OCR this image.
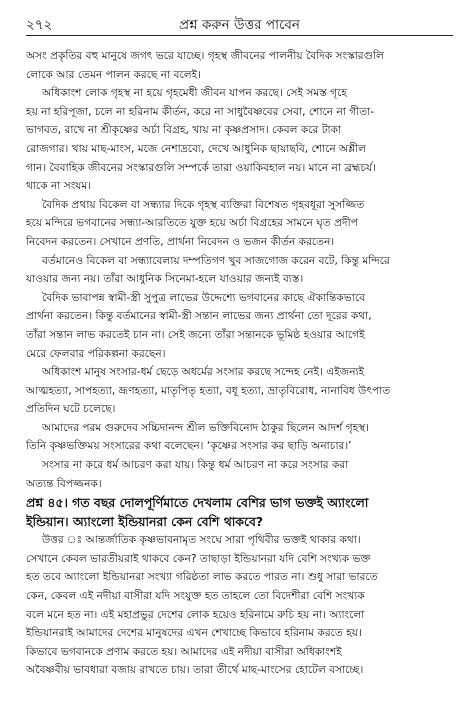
২৭২	প্রশ্ন করুন উত্তর পাবেন
অসং প্রকৃতির বহু মানুষে জগৎ ভরে যাচ্ছে। গৃহস্থ জীবনের পালনীয় বৈদিক সংস্কারগুলি
লোকে আর তেমন পালন করছে না বলেই।
অধিকাংশ লোক গৃহস্থ না হয়ে গৃহমেধী জীবন যাপন করছে। সেই সমস্ত গৃহে
হয় না হরিপূজা, চলে না হরিনাম কীর্তন, করে না সাধুবৈষ্ণবের সেবা, শোনে না গীতা-
ভাগবত, রাখে না শ্রীকৃষ্ণের অর্চা বিগ্রহ, খায় না কৃষ্ণপ্রসাদ। কেবল করে টাকা
রোজগার। খায় মাছ-মাংস, মজে নেশাদ্রব্যে, দেখে আধুনিক ছায়াছবি, শোনে অশ্লীল
গান। বৈবাহিক জীবনের সংস্কারগুলি সম্পর্কে তারা ওয়াকিবহাল নয়। মানে না ব্রহ্মচর্য।
থাকে না সংযম।
বৈদিক প্রথায় বিকেল বা সন্ধ্যার দিকে গৃহস্থ ব্যক্তিরা বিশেষত গৃহবধূরা সুসজ্জিত
হয়ে মন্দিরে ভগবানের সন্ধ্যা-আরতিতে যুক্ত হয়ে অর্চা বিগ্রহের সামনে ঘৃত প্রদীপ
নিবেদন করতেন। সেখানে প্রণতি, প্রার্থনা নিবেদন ও ভজন কীর্তন করতেন।
বর্তমানেও বিকেল বা সন্ধ্যাবেলায় দম্পতিগণ খুব সাজগোজ করেন বটে, কিন্তু মন্দিরে
যাওয়ার জন্য নয়। তাঁরা আধুনিক সিনেমা-হলে যাওয়ার জন্যই ব্যস্ত।
বৈদিক ভাবাপন্ন স্বামী-স্ত্রী সুপুত্র লাভের উদ্দেশ্যে ভগবানের কাছে ঐকান্তিকভাবে
প্রার্থনা করতেন। কিন্তু বর্তমানের স্বামী-স্ত্রী সন্তান লাভের জন্য প্রার্থনা তো দূরের কথা,
তাঁরা সন্তান লাভ করতেই চান না। সেই জন্যে তাঁরা সন্তানকে ভূমিষ্ঠ হওয়ার আগেই
মেরে ফেলবার পরিকল্পনা করছেন।
অধিকাংশ মানুষ সংসার-ধর্ম ছেড়ে অধর্মের সংসার করছে সন্দেহ নেই। এইজন্যই
আত্মহত্যা, সাপহত্যা, ভ্রূণহত্যা, মাতৃপিতৃ হত্যা, বধূ হত্যা, ভ্রাতৃবিরোধ, নানাবিধ উৎপাত
প্রতিদিন ঘটে চলেছে।
আমাদের পরম গুরুদেব সচ্চিদানন্দ শ্রীল ভক্তিবিনোদ ঠাকুর ছিলেন আদর্শ গৃহস্থ।
তিনি কৃষ্ণভক্তিময় সংসারের কথা বলেছেন। ‘কৃষ্ণের সংসার কর ছাড়ি অনাচার।’
সংসার না করে ধর্ম আচরণ করা যায়। কিন্তু ধর্ম আচরণ না করে সংসার করা
অত্যন্ত বিপজ্জনক।
প্রশ্ন ৪৫। গত বছর দোলপূর্ণিমাতে দেখলাম বেশির ভাগ ভক্তই অ্যাংলো
ইন্ডিয়ান। অ্যাংলো ইন্ডিয়ানরা কেন বেশি থাকবে?
উত্তর ঃ আন্তর্জাতিক কৃষ্ণভাবনামৃত সংঘে সারা পৃথিবীর ভক্তই থাকার কথা।
সেখানে কেবল ভারতীয়রাই থাকবে কেন? তাছাড়া ইন্ডিয়ানরা যদি বেশি সংখ্যক ভক্ত
হত তবে অ্যাংলো ইন্ডিয়ানরা সংখ্যা গরিষ্ঠতা লাভ করতে পারত না। শুধু সারা ভারতে
কেন, কেবল এই নদীয়া বাসীরা যদি সংযুক্ত হত তাহলে তো বিদেশীরা বেশি সংখ্যক
বলে মনে হত না। এই মহাপ্রভুর দেশের লোক হয়েও হরিনামে রুচি হয় না। অ্যাংলো
ইন্ডিয়ানরাই আমাদের দেশের মানুষদের এখন শেখাচ্ছে কিভাবে হরিনাম করতে হয়।
কিভাবে ভগবানকে প্রণাম করতে হয়। আমাদের এই নদীয়া বাসীরা অধিকাংশই
অবৈষ্ণবীয় ভাবধারা বজায় রাখতে চায়। তারা তীর্থে মাছ-মাংসের হোটেল বসাচ্ছে।
